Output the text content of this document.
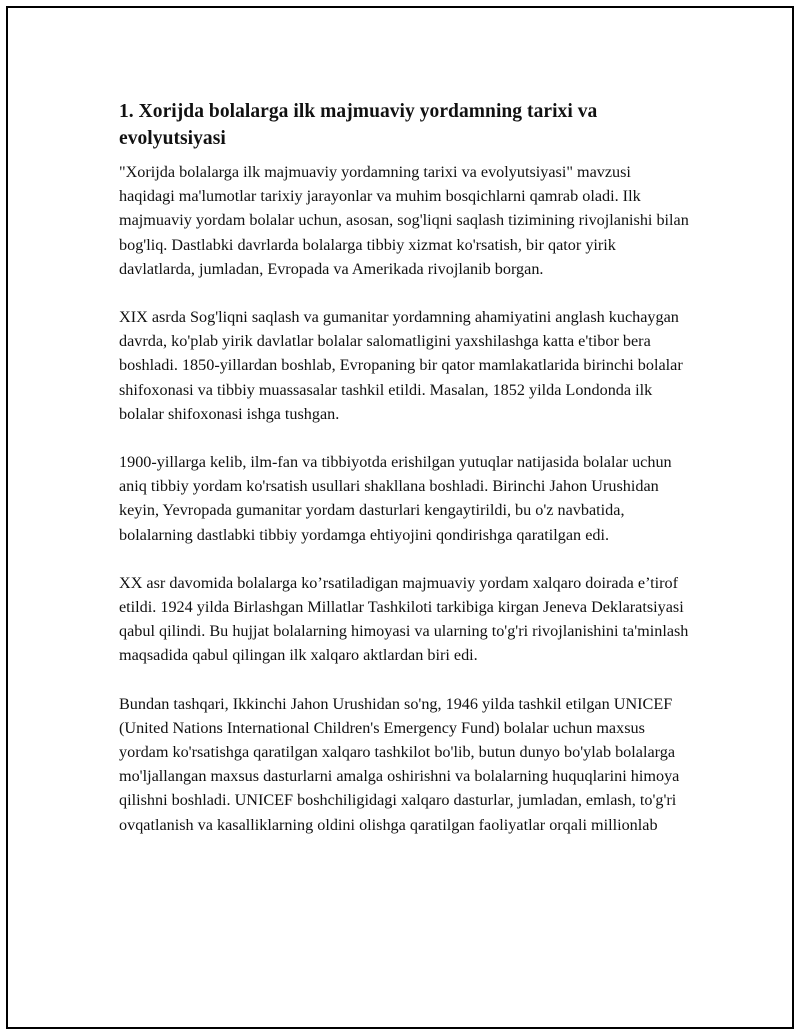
1. Xorijda bolalarga ilk majmuaviy yordamning tarixi va evolyutsiyasi

"Xorijda bolalarga ilk majmuaviy yordamning tarixi va evolyutsiyasi" mavzusi haqidagi ma'lumotlar tarixiy jarayonlar va muhim bosqichlarni qamrab oladi. Ilk majmuaviy yordam bolalar uchun, asosan, sog'liqni saqlash tizimining rivojlanishi bilan bog'liq. Dastlabki davrlarda bolalarga tibbiy xizmat ko'rsatish, bir qator yirik davlatlarda, jumladan, Evropada va Amerikada rivojlanib borgan.

XIX asrda Sog'liqni saqlash va gumanitar yordamning ahamiyatini anglash kuchaygan davrda, ko'plab yirik davlatlar bolalar salomatligini yaxshilashga katta e'tibor bera boshladi. 1850-yillardan boshlab, Evropaning bir qator mamlakatlarida birinchi bolalar shifoxonasi va tibbiy muassasalar tashkil etildi. Masalan, 1852 yilda Londonda ilk bolalar shifoxonasi ishga tushgan.

1900-yillarga kelib, ilm-fan va tibbiyotda erishilgan yutuqlar natijasida bolalar uchun aniq tibbiy yordam ko'rsatish usullari shakllana boshladi. Birinchi Jahon Urushidan keyin, Yevropada gumanitar yordam dasturlari kengaytirildi, bu o'z navbatida, bolalarning dastlabki tibbiy yordamga ehtiyojini qondirishga qaratilgan edi.

XX asr davomida bolalarga ko’rsatiladigan majmuaviy yordam xalqaro doirada e’tirof etildi. 1924 yilda Birlashgan Millatlar Tashkiloti tarkibiga kirgan Jeneva Deklaratsiyasi qabul qilindi. Bu hujjat bolalarning himoyasi va ularning to'g'ri rivojlanishini ta'minlash maqsadida qabul qilingan ilk xalqaro aktlardan biri edi.

Bundan tashqari, Ikkinchi Jahon Urushidan so'ng, 1946 yilda tashkil etilgan UNICEF (United Nations International Children's Emergency Fund) bolalar uchun maxsus yordam ko'rsatishga qaratilgan xalqaro tashkilot bo'lib, butun dunyo bo'ylab bolalarga mo'ljallangan maxsus dasturlarni amalga oshirishni va bolalarning huquqlarini himoya qilishni boshladi. UNICEF boshchiligidagi xalqaro dasturlar, jumladan, emlash, to'g'ri ovqatlanish va kasalliklarning oldini olishga qaratilgan faoliyatlar orqali millionlab
